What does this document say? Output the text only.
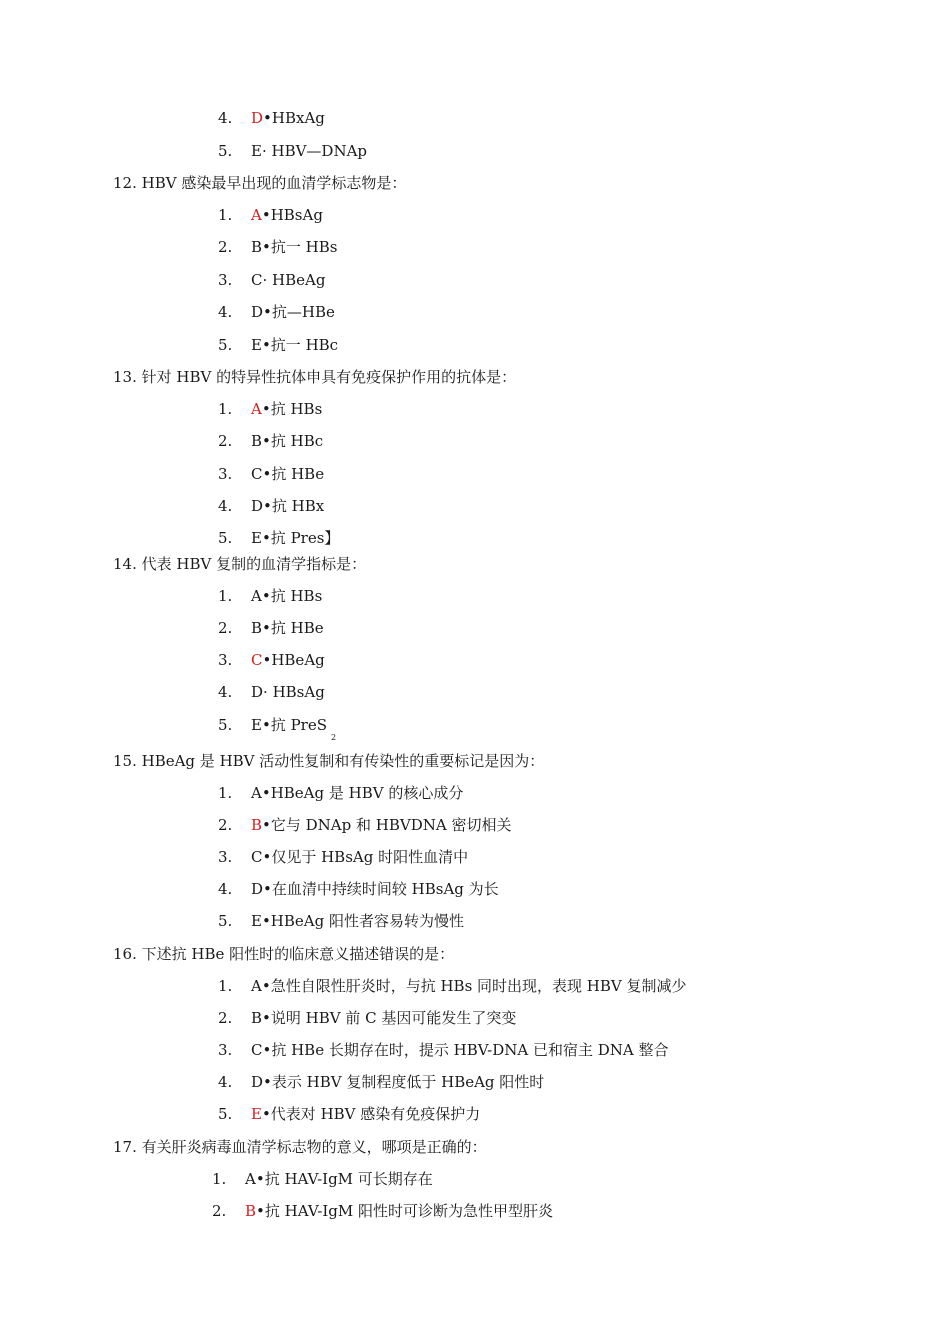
4. D•HBxAg
5. E· HBV—DNAp
12. HBV 感染最早出现的血清学标志物是：
1. A•HBsAg
2. B•抗一 HBs
3. C· HBeAg
4. D•抗—HBe
5. E•抗一 HBc
13. 针对 HBV 的特异性抗体申具有免疫保护作用的抗体是：
1. A•抗 HBs
2. B•抗 HBc
3. C•抗 HBe
4. D•抗 HBx
5. E•抗 Pres】
14. 代表 HBV 复制的血清学指标是：
1. A•抗 HBs
2. B•抗 HBe
3. C•HBeAg
4. D· HBsAg
5. E•抗 PreS$_2$
15. HBeAg 是 HBV 活动性复制和有传染性的重要标记是因为：
1. A•HBeAg 是 HBV 的核心成分
2. B•它与 DNAp 和 HBVDNA 密切相关
3. C•仅见于 HBsAg 时阳性血清中
4. D•在血清中持续时间较 HBsAg 为长
5. E•HBeAg 阳性者容易转为慢性
16. 下述抗 HBe 阳性时的临床意义描述错误的是：
1. A•急性自限性肝炎时，与抗 HBs 同时出现，表现 HBV 复制减少
2. B•说明 HBV 前 C 基因可能发生了突变
3. C•抗 HBe 长期存在时，提示 HBV-DNA 已和宿主 DNA 整合
4. D•表示 HBV 复制程度低于 HBeAg 阳性时
5. E•代表对 HBV 感染有免疫保护力
17. 有关肝炎病毒血清学标志物的意义，哪项是正确的：
1. A•抗 HAV-IgM 可长期存在
2. B•抗 HAV-IgM 阳性时可诊断为急性甲型肝炎
